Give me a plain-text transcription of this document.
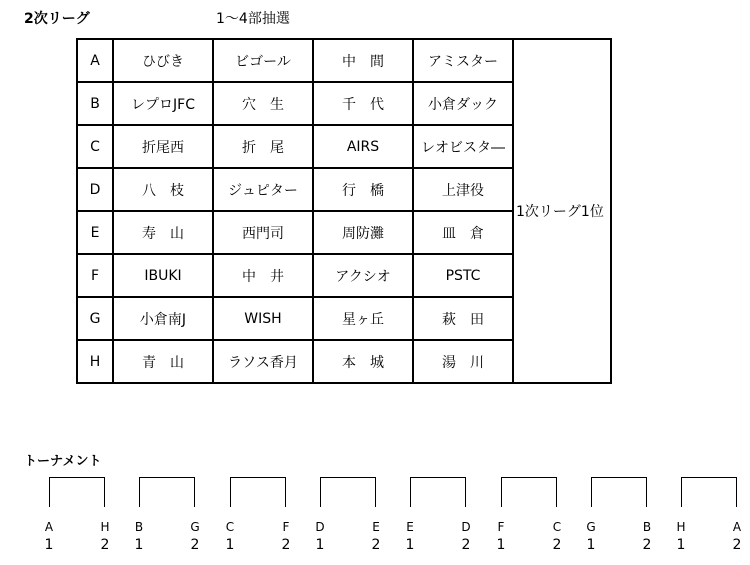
2次リーグ	1～4部抽選
A	ひびき	ビゴール	中　間	アミスター	1次リーグ1位
B	レプロJFC	穴　生	千　代	小倉ダック	
C	折尾西	折　尾	AIRS	レオビスタ―	
D	八　枝	ジュピター	行　橋	上津役	
E	寿　山	西門司	周防灘	皿　倉	
F	IBUKI	中　井	アクシオ	PSTC	
G	小倉南J	WISH	星ヶ丘	萩　田	
H	青　山	ラソス香月	本　城	湯　川	
トーナメント
A
1
H
2
B
1
G
2
C
1
F
2
D
1
E
2
E
1
D
2
F
1
C
2
G
1
B
2
H
1
A
2
